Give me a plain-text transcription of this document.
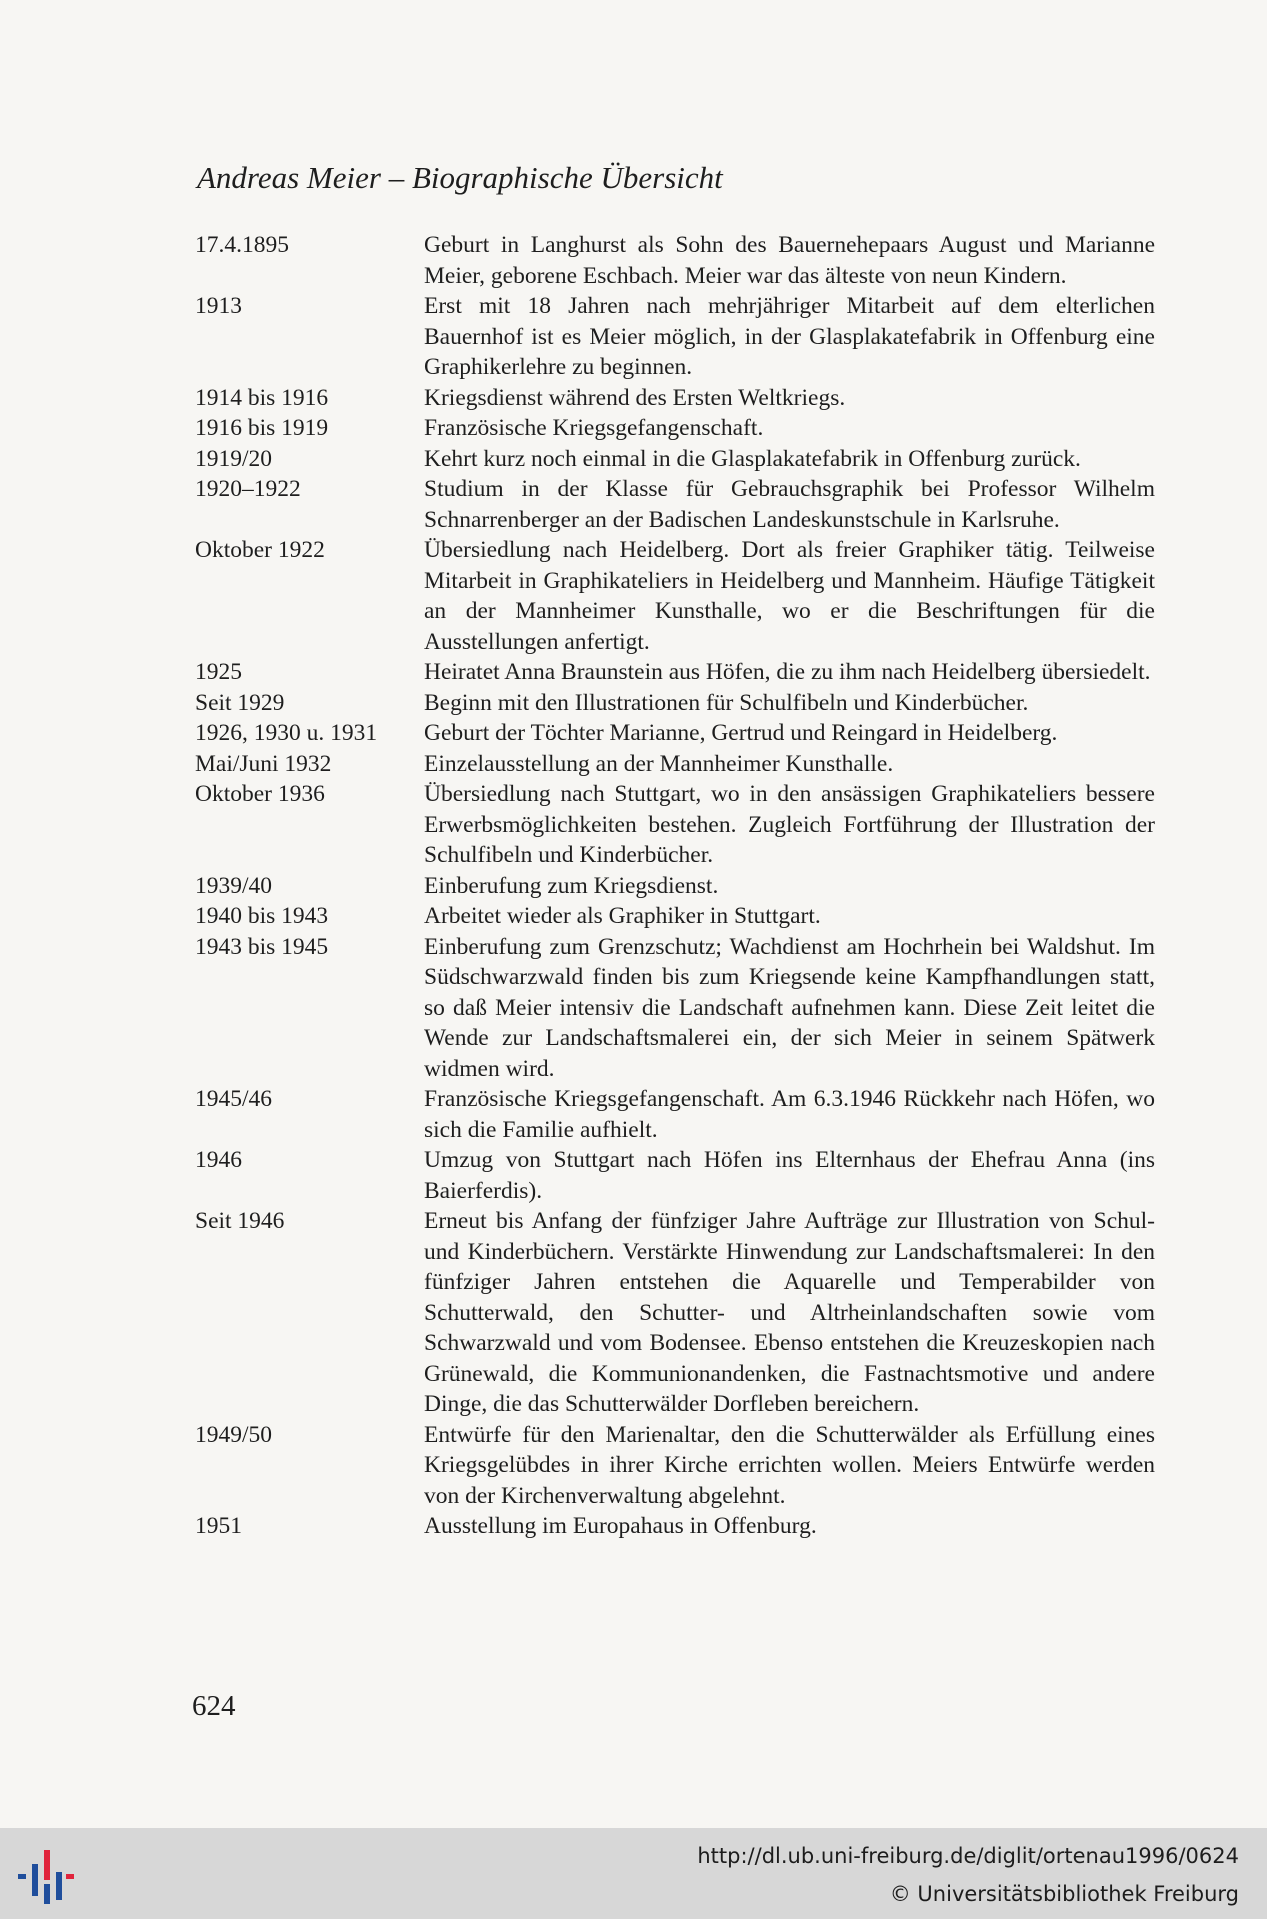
Andreas Meier – Biographische Übersicht
17.4.1895	Geburt in Langhurst als Sohn des Bauernehepaars August und Marianne Meier, geborene Eschbach. Meier war das älteste von neun Kindern.
1913	Erst mit 18 Jahren nach mehrjähriger Mitarbeit auf dem elterlichen Bauernhof ist es Meier möglich, in der Glasplakatefabrik in Offenburg eine Graphikerlehre zu beginnen.
1914 bis 1916	Kriegsdienst während des Ersten Weltkriegs.
1916 bis 1919	Französische Kriegsgefangenschaft.
1919/20	Kehrt kurz noch einmal in die Glasplakatefabrik in Offenburg zurück.
1920–1922	Studium in der Klasse für Gebrauchsgraphik bei Professor Wilhelm Schnarrenberger an der Badischen Landeskunstschule in Karlsruhe.
Oktober 1922	Übersiedlung nach Heidelberg. Dort als freier Graphiker tätig. Teilweise Mitarbeit in Graphikateliers in Heidelberg und Mannheim. Häufige Tätigkeit an der Mannheimer Kunsthalle, wo er die Beschriftungen für die Ausstellungen anfertigt.
1925	Heiratet Anna Braunstein aus Höfen, die zu ihm nach Heidelberg übersiedelt.
Seit 1929	Beginn mit den Illustrationen für Schulfibeln und Kinderbücher.
1926, 1930 u. 1931	Geburt der Töchter Marianne, Gertrud und Reingard in Heidelberg.
Mai/Juni 1932	Einzelausstellung an der Mannheimer Kunsthalle.
Oktober 1936	Übersiedlung nach Stuttgart, wo in den ansässigen Graphikateliers bessere Erwerbsmöglichkeiten bestehen. Zugleich Fortführung der Illustration der Schulfibeln und Kinderbücher.
1939/40	Einberufung zum Kriegsdienst.
1940 bis 1943	Arbeitet wieder als Graphiker in Stuttgart.
1943 bis 1945	Einberufung zum Grenzschutz; Wachdienst am Hochrhein bei Waldshut. Im Südschwarzwald finden bis zum Kriegsende keine Kampfhandlungen statt, so daß Meier intensiv die Landschaft aufnehmen kann. Diese Zeit leitet die Wende zur Landschaftsmalerei ein, der sich Meier in seinem Spätwerk widmen wird.
1945/46	Französische Kriegsgefangenschaft. Am 6.3.1946 Rückkehr nach Höfen, wo sich die Familie aufhielt.
1946	Umzug von Stuttgart nach Höfen ins Elternhaus der Ehefrau Anna (ins Baierferdis).
Seit 1946	Erneut bis Anfang der fünfziger Jahre Aufträge zur Illustration von Schul- und Kinderbüchern. Verstärkte Hinwendung zur Landschaftsmalerei: In den fünfziger Jahren entstehen die Aquarelle und Temperabilder von Schutterwald, den Schutter- und Altrheinlandschaften sowie vom Schwarzwald und vom Bodensee. Ebenso entstehen die Kreuzeskopien nach Grünewald, die Kommunionandenken, die Fastnachtsmotive und andere Dinge, die das Schutterwälder Dorfleben bereichern.
1949/50	Entwürfe für den Marienaltar, den die Schutterwälder als Erfüllung eines Kriegsgelübdes in ihrer Kirche errichten wollen. Meiers Entwürfe werden von der Kirchenverwaltung abgelehnt.
1951	Ausstellung im Europahaus in Offenburg.
624
http://dl.ub.uni-freiburg.de/diglit/ortenau1996/0624
© Universitätsbibliothek Freiburg
